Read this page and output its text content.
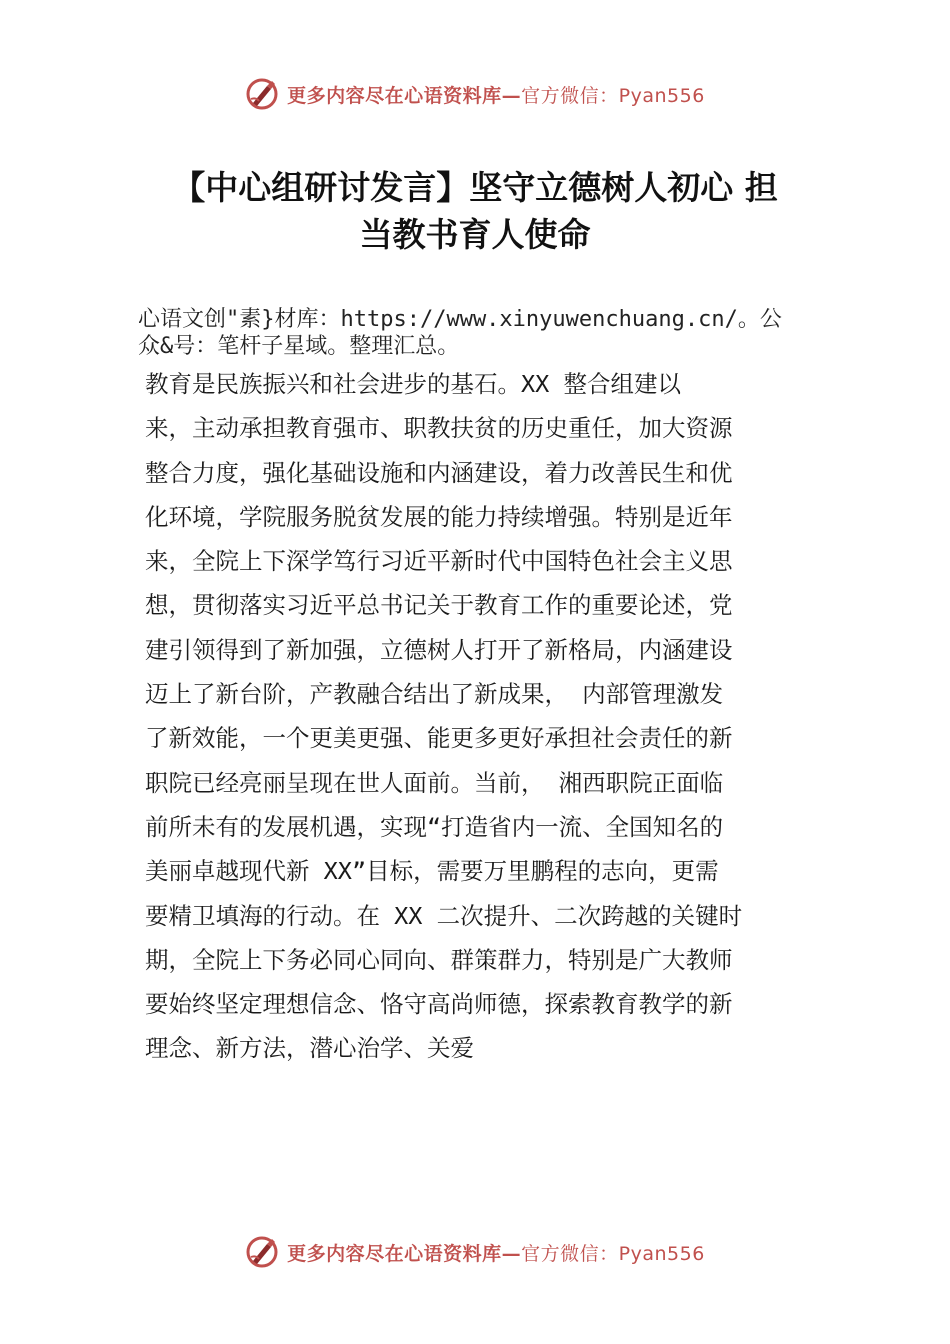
更多内容尽在心语资料库—官方微信：Pyan556
【中心组研讨发言】坚守立德树人初心 担
当教书育人使命
心语文创"素}材库：https://www.xinyuwenchuang.cn/。公
众&号：笔杆子星域。整理汇总。
教育是民族振兴和社会进步的基石。XX 整合组建以
来，主动承担教育强市、职教扶贫的历史重任，加大资源
整合力度，强化基础设施和内涵建设，着力改善民生和优
化环境，学院服务脱贫发展的能力持续增强。特别是近年
来，全院上下深学笃行习近平新时代中国特色社会主义思
想，贯彻落实习近平总书记关于教育工作的重要论述，党
建引领得到了新加强，立德树人打开了新格局，内涵建设
迈上了新台阶，产教融合结出了新成果， 内部管理激发
了新效能，一个更美更强、能更多更好承担社会责任的新
职院已经亮丽呈现在世人面前。当前， 湘西职院正面临
前所未有的发展机遇，实现“打造省内一流、全国知名的
美丽卓越现代新 XX”目标，需要万里鹏程的志向，更需
要精卫填海的行动。在 XX 二次提升、二次跨越的关键时
期，全院上下务必同心同向、群策群力，特别是广大教师
要始终坚定理想信念、恪守高尚师德，探索教育教学的新
理念、新方法，潜心治学、关爱
更多内容尽在心语资料库—官方微信：Pyan556
